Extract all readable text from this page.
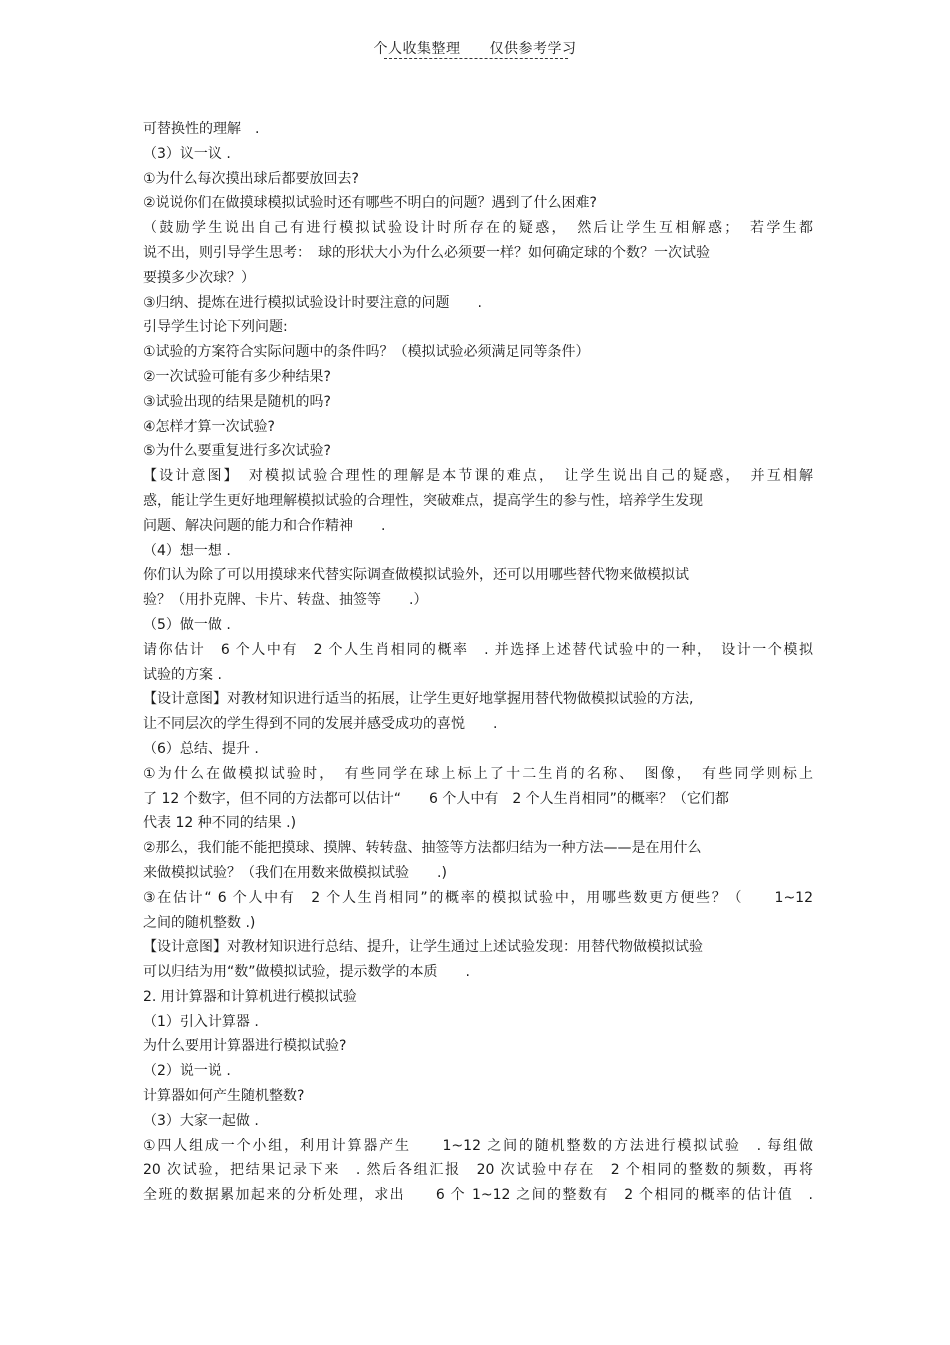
个人收集整理 仅供参考学习
可替换性的理解　.
（3）议一议 .
①为什么每次摸出球后都要放回去?
②说说你们在做摸球模拟试验时还有哪些不明白的问题？遇到了什么困难?
（鼓励学生说出自己有进行模拟试验设计时所存在的疑惑，　然后让学生互相解惑；　若学生都
说不出，则引导学生思考：　球的形状大小为什么必须要一样？如何确定球的个数？一次试验
要摸多少次球？）
③归纳、提炼在进行模拟试验设计时要注意的问题　　.
引导学生讨论下列问题:
①试验的方案符合实际问题中的条件吗？（模拟试验必须满足同等条件）
②一次试验可能有多少种结果?
③试验出现的结果是随机的吗?
④怎样才算一次试验?
⑤为什么要重复进行多次试验?
【设计意图】　对模拟试验合理性的理解是本节课的难点，　让学生说出自己的疑惑，　并互相解
惑，能让学生更好地理解模拟试验的合理性，突破难点，提高学生的参与性，培养学生发现
问题、解决问题的能力和合作精神　　.
（4）想一想 .
你们认为除了可以用摸球来代替实际调查做模拟试验外，还可以用哪些替代物来做模拟试
验？（用扑克牌、卡片、转盘、抽签等　　.）
（5）做一做 .
请你估计　6 个人中有　2 个人生肖相同的概率　. 并选择上述替代试验中的一种，　设计一个模拟
试验的方案 .
【设计意图】对教材知识进行适当的拓展，让学生更好地掌握用替代物做模拟试验的方法,
让不同层次的学生得到不同的发展并感受成功的喜悦　　.
（6）总结、提升 .
①为什么在做模拟试验时，　有些同学在球上标上了十二生肖的名称、　图像，　有些同学则标上
了 12 个数字，但不同的方法都可以估计“　　6 个人中有　2 个人生肖相同”的概率？（它们都
代表 12 种不同的结果 .)
②那么，我们能不能把摸球、摸牌、转转盘、抽签等方法都归结为一种方法——是在用什么
来做模拟试验？（我们在用数来做模拟试验　　.)
③在估计“ 6 个人中有　2 个人生肖相同”的概率的模拟试验中，用哪些数更方便些？（　　1~12
之间的随机整数 .)
【设计意图】对教材知识进行总结、提升，让学生通过上述试验发现：用替代物做模拟试验
可以归结为用“数”做模拟试验，提示数学的本质　　.
2. 用计算器和计算机进行模拟试验
（1）引入计算器 .
为什么要用计算器进行模拟试验?
（2）说一说 .
计算器如何产生随机整数?
（3）大家一起做 .
①四人组成一个小组，利用计算器产生　　1~12 之间的随机整数的方法进行模拟试验　. 每组做
20 次试验，把结果记录下来　. 然后各组汇报　20 次试验中存在　2 个相同的整数的频数，再将
全班的数据累加起来的分析处理，求出　　6 个 1~12 之间的整数有　2 个相同的概率的估计值　.
